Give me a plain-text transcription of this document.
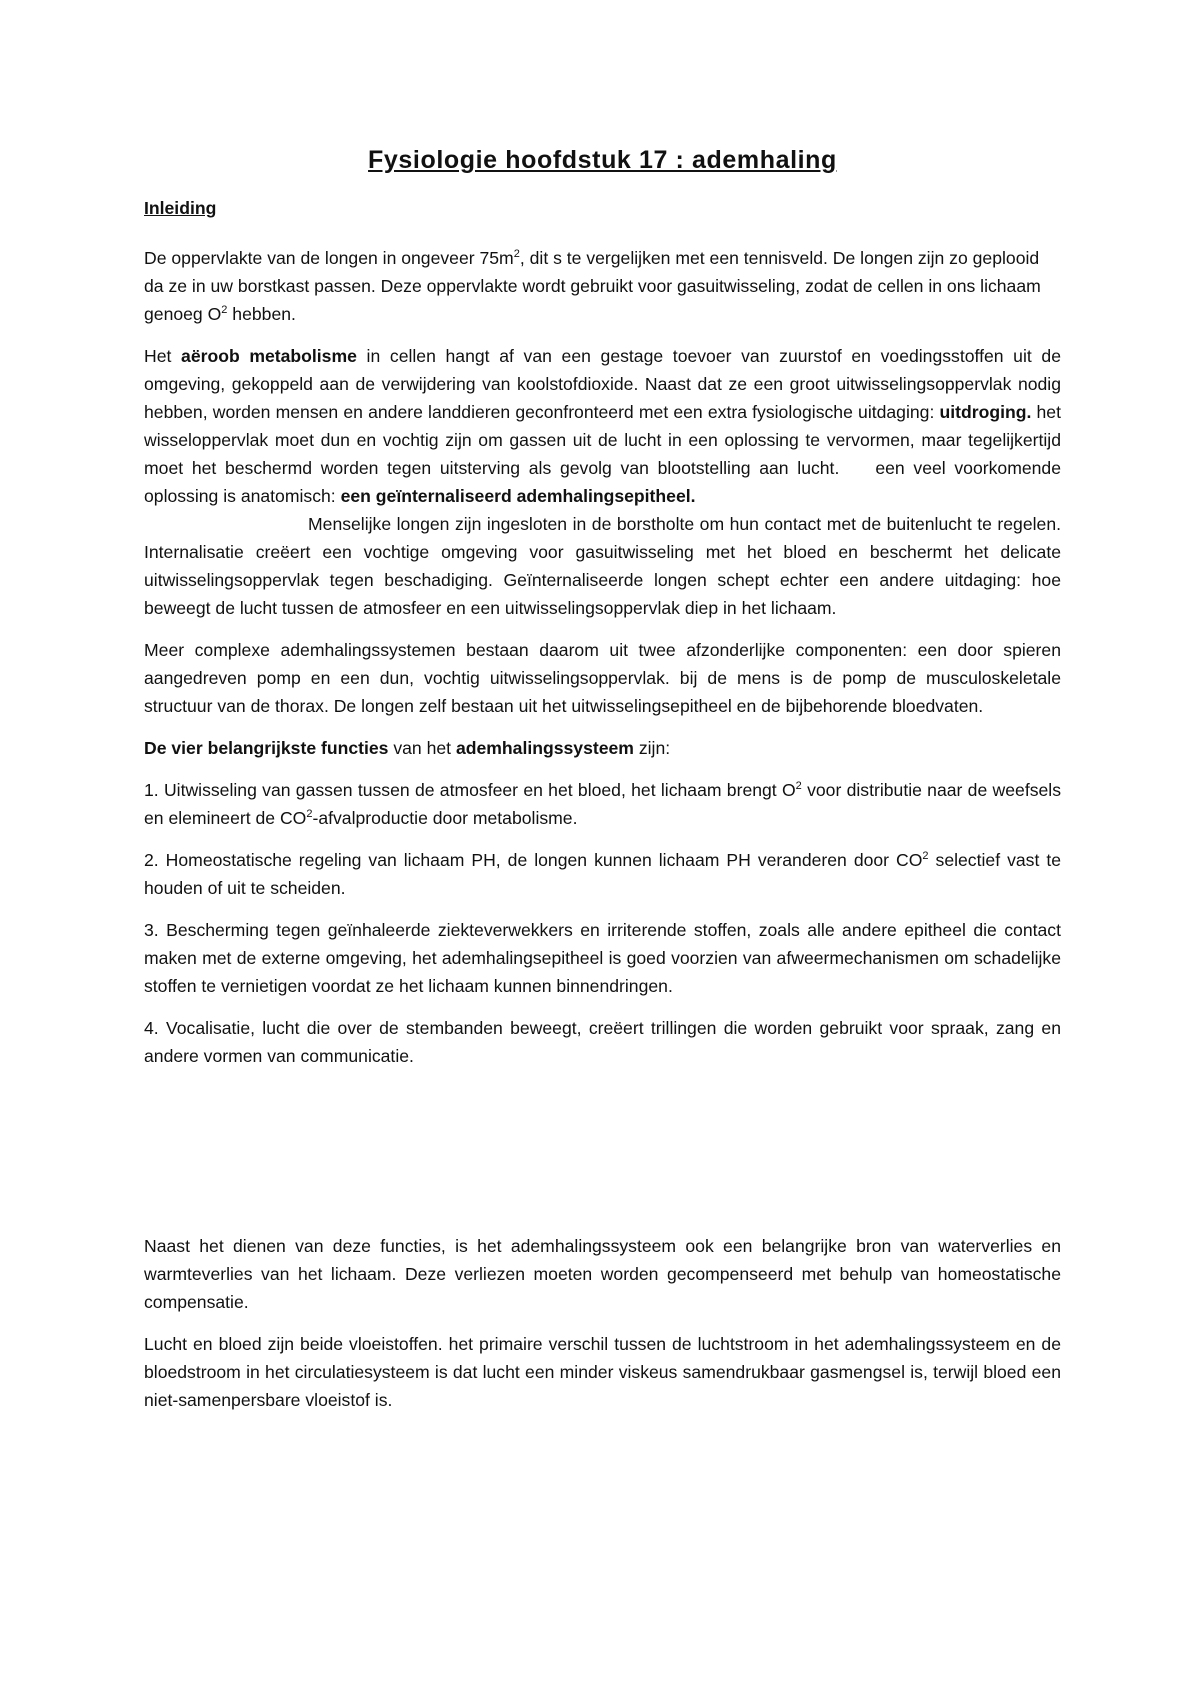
Fysiologie hoofdstuk 17 : ademhaling
Inleiding

De oppervlakte van de longen in ongeveer $75m^2$, dit s te vergelijken met een tennisveld. De longen zijn zo geplooid da ze in uw borstkast passen. Deze oppervlakte wordt gebruikt voor gasuitwisseling, zodat de cellen in ons lichaam genoeg $O^2$ hebben.

Het aëroob metabolisme in cellen hangt af van een gestage toevoer van zuurstof en voedingsstoffen uit de omgeving, gekoppeld aan de verwijdering van koolstofdioxide. Naast dat ze een groot uitwisselingsoppervlak nodig hebben, worden mensen en andere landdieren geconfronteerd met een extra fysiologische uitdaging: uitdroging. het wisseloppervlak moet dun en vochtig zijn om gassen uit de lucht in een oplossing te vervormen, maar tegelijkertijd moet het beschermd worden tegen uitsterving als gevolg van blootstelling aan lucht. een veel voorkomende oplossing is anatomisch: een geïnternaliseerd ademhalingsepitheel.
Menselijke longen zijn ingesloten in de borstholte om hun contact met de buitenlucht te regelen. Internalisatie creëert een vochtige omgeving voor gasuitwisseling met het bloed en beschermt het delicate uitwisselingsoppervlak tegen beschadiging. Geïnternaliseerde longen schept echter een andere uitdaging: hoe beweegt de lucht tussen de atmosfeer en een uitwisselingsoppervlak diep in het lichaam.

Meer complexe ademhalingssystemen bestaan daarom uit twee afzonderlijke componenten: een door spieren aangedreven pomp en een dun, vochtig uitwisselingsoppervlak. bij de mens is de pomp de musculoskeletale structuur van de thorax. De longen zelf bestaan uit het uitwisselingsepitheel en de bijbehorende bloedvaten.

De vier belangrijkste functies van het ademhalingssysteem zijn:

1. Uitwisseling van gassen tussen de atmosfeer en het bloed, het lichaam brengt $O^2$ voor distributie naar de weefsels en elemineert de $CO^2$-afvalproductie door metabolisme.

2. Homeostatische regeling van lichaam PH, de longen kunnen lichaam PH veranderen door $CO^2$ selectief vast te houden of uit te scheiden.

3. Bescherming tegen geïnhaleerde ziekteverwekkers en irriterende stoffen, zoals alle andere epitheel die contact maken met de externe omgeving, het ademhalingsepitheel is goed voorzien van afweermechanismen om schadelijke stoffen te vernietigen voordat ze het lichaam kunnen binnendringen.

4. Vocalisatie, lucht die over de stembanden beweegt, creëert trillingen die worden gebruikt voor spraak, zang en andere vormen van communicatie.

Naast het dienen van deze functies, is het ademhalingssysteem ook een belangrijke bron van waterverlies en warmteverlies van het lichaam. Deze verliezen moeten worden gecompenseerd met behulp van homeostatische compensatie.

Lucht en bloed zijn beide vloeistoffen. het primaire verschil tussen de luchtstroom in het ademhalingssysteem en de bloedstroom in het circulatiesysteem is dat lucht een minder viskeus samendrukbaar gasmengsel is, terwijl bloed een niet-samenpersbare vloeistof is.
